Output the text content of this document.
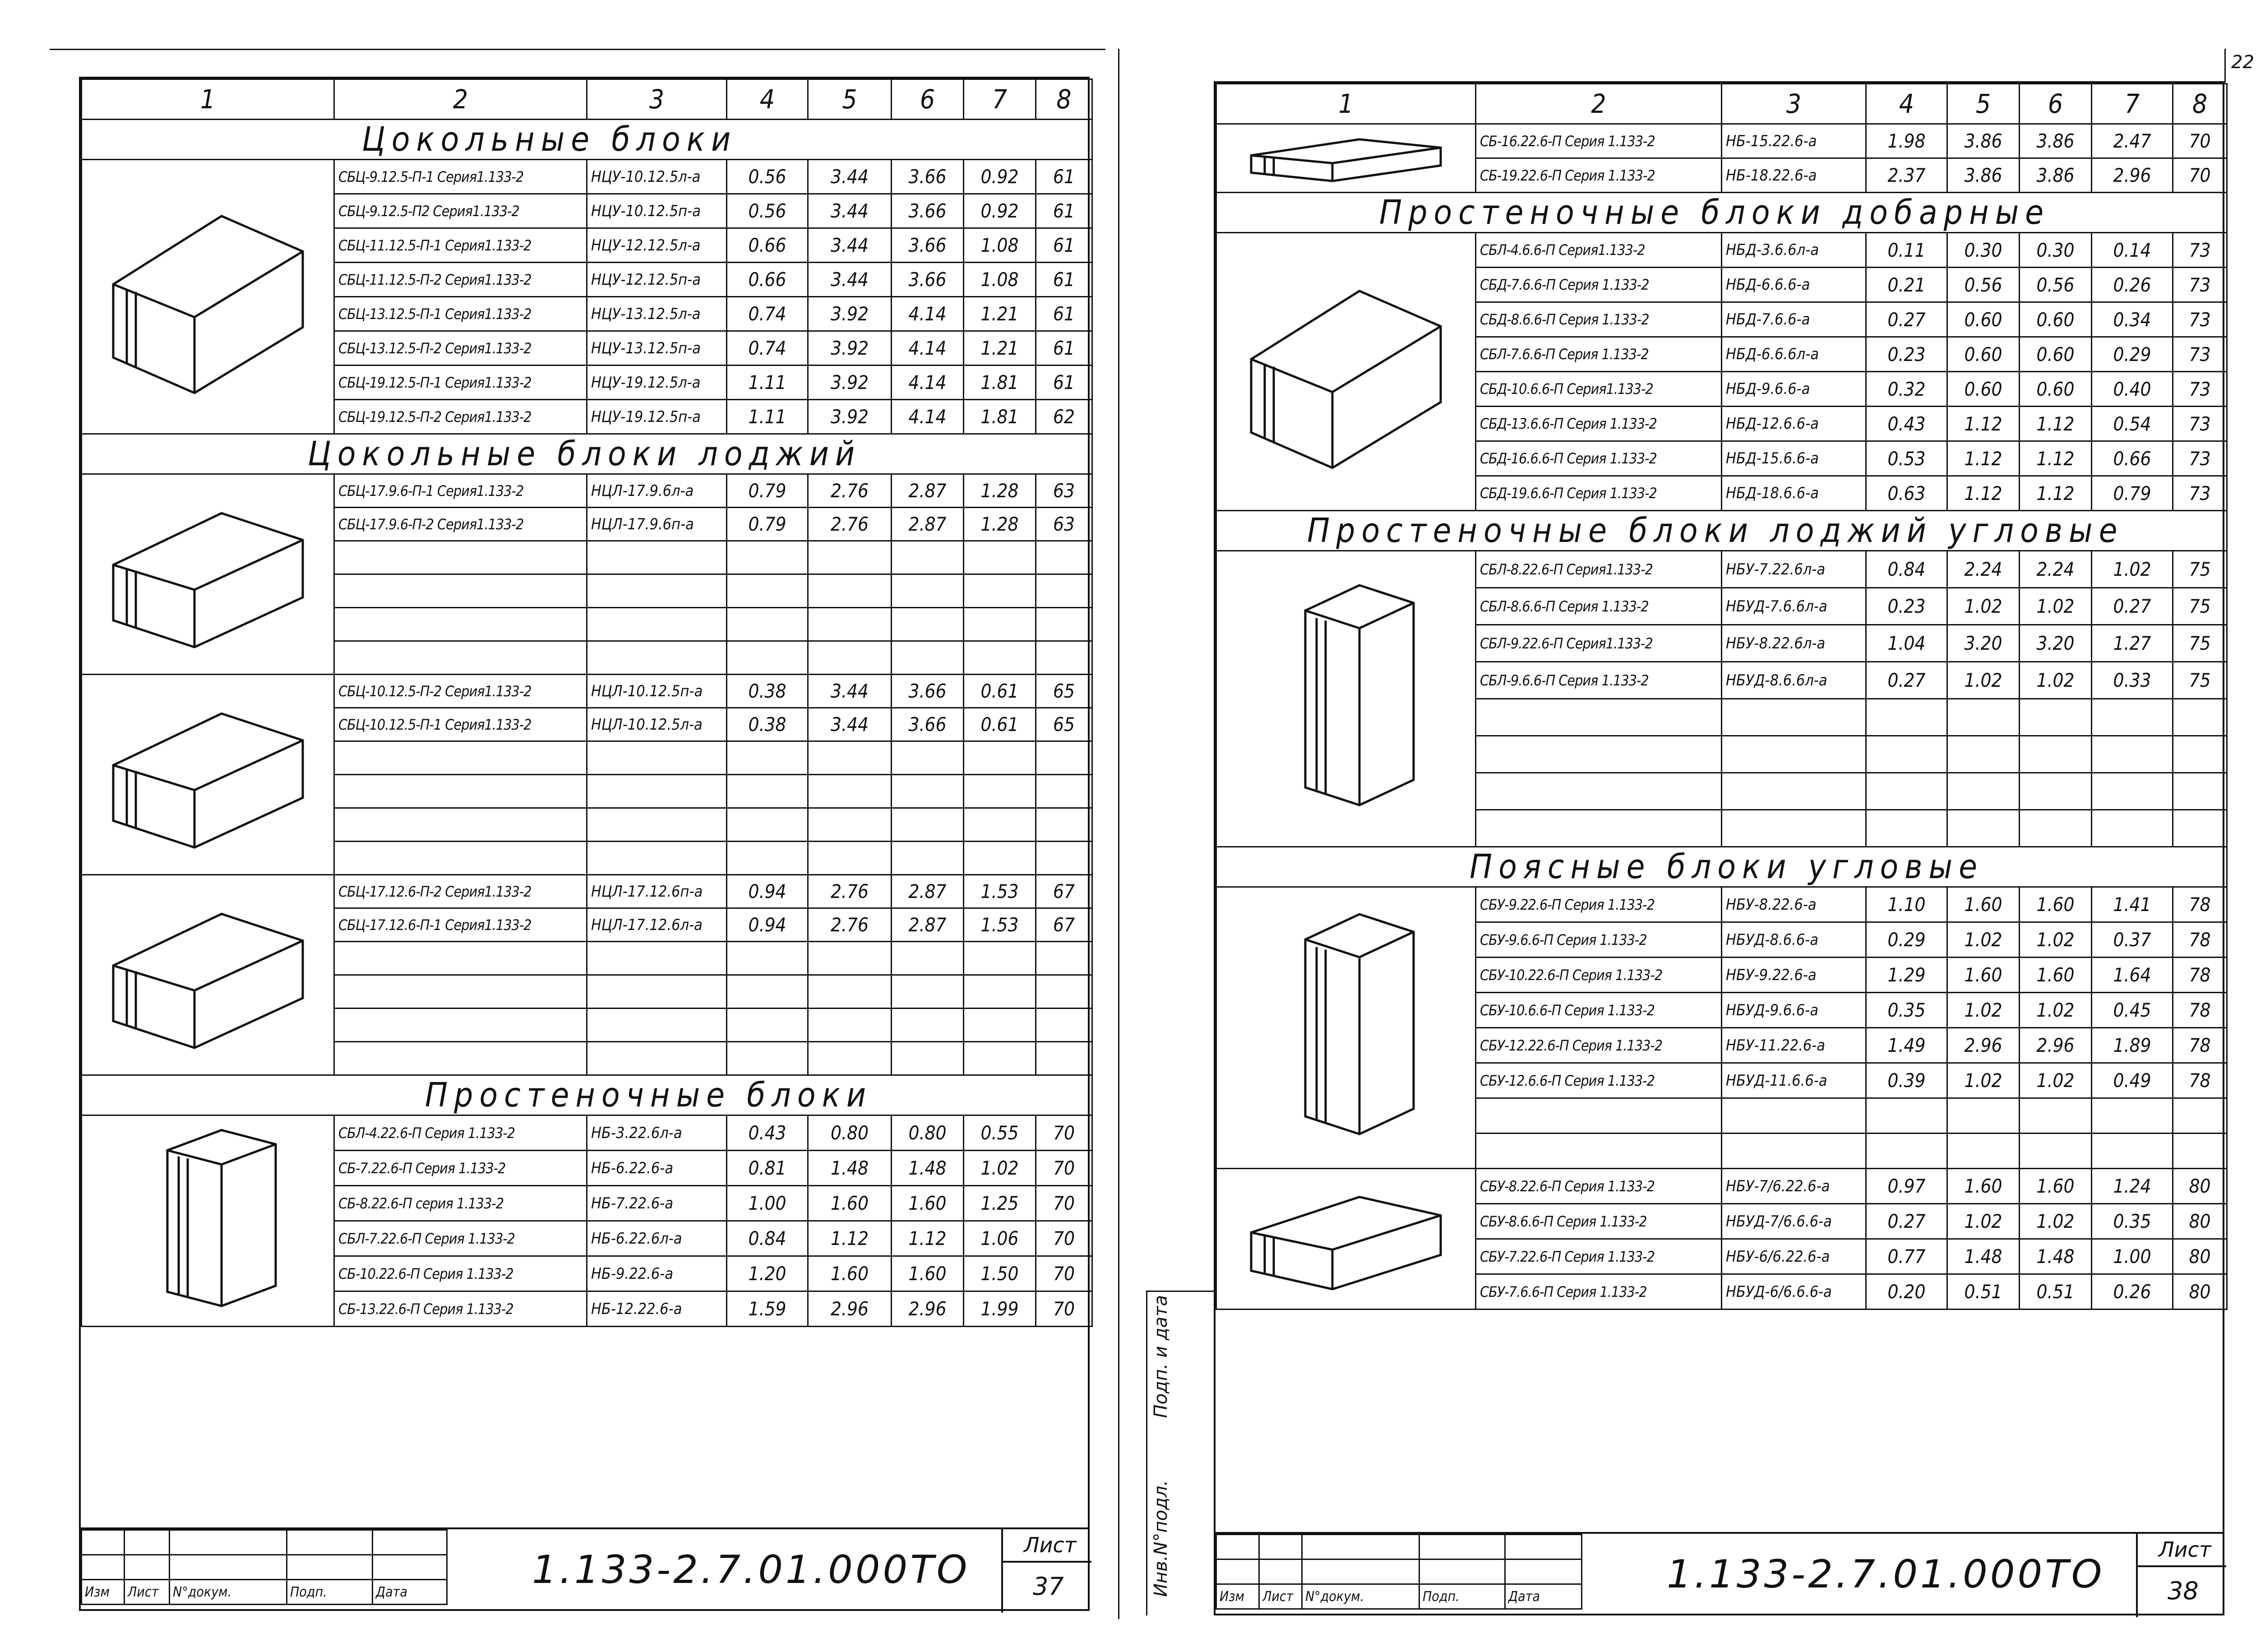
1	2	3	4	5	6	7	8
Цокольные блоки							

	СБЦ-9.12.5-П-1 Серия1.133-2	НЦУ-10.12.5л-а	0.56	3.44	3.66	0.92	61
	СБЦ-9.12.5-П2 Серия1.133-2	НЦУ-10.12.5п-а	0.56	3.44	3.66	0.92	61
	СБЦ-11.12.5-П-1 Серия1.133-2	НЦУ-12.12.5л-а	0.66	3.44	3.66	1.08	61
	СБЦ-11.12.5-П-2 Серия1.133-2	НЦУ-12.12.5п-а	0.66	3.44	3.66	1.08	61
	СБЦ-13.12.5-П-1 Серия1.133-2	НЦУ-13.12.5л-а	0.74	3.92	4.14	1.21	61
	СБЦ-13.12.5-П-2 Серия1.133-2	НЦУ-13.12.5п-а	0.74	3.92	4.14	1.21	61
	СБЦ-19.12.5-П-1 Серия1.133-2	НЦУ-19.12.5л-а	1.11	3.92	4.14	1.81	61
	СБЦ-19.12.5-П-2 Серия1.133-2	НЦУ-19.12.5п-а	1.11	3.92	4.14	1.81	62
Цокольные блоки лоджий							

	СБЦ-17.9.6-П-1 Серия1.133-2	НЦЛ-17.9.6л-а	0.79	2.76	2.87	1.28	63
	СБЦ-17.9.6-П-2 Серия1.133-2	НЦЛ-17.9.6п-а	0.79	2.76	2.87	1.28	63

	СБЦ-10.12.5-П-2 Серия1.133-2	НЦЛ-10.12.5п-а	0.38	3.44	3.66	0.61	65
	СБЦ-10.12.5-П-1 Серия1.133-2	НЦЛ-10.12.5л-а	0.38	3.44	3.66	0.61	65

	СБЦ-17.12.6-П-2 Серия1.133-2	НЦЛ-17.12.6п-а	0.94	2.76	2.87	1.53	67
	СБЦ-17.12.6-П-1 Серия1.133-2	НЦЛ-17.12.6л-а	0.94	2.76	2.87	1.53	67

Простеночные блоки							

	СБЛ-4.22.6-П Серия 1.133-2	НБ-3.22.6л-а	0.43	0.80	0.80	0.55	70
	СБ-7.22.6-П Серия 1.133-2	НБ-6.22.6-а	0.81	1.48	1.48	1.02	70
	СБ-8.22.6-П серия 1.133-2	НБ-7.22.6-а	1.00	1.60	1.60	1.25	70
	СБЛ-7.22.6-П Серия 1.133-2	НБ-6.22.6л-а	0.84	1.12	1.12	1.06	70
	СБ-10.22.6-П Серия 1.133-2	НБ-9.22.6-а	1.20	1.60	1.60	1.50	70
	СБ-13.22.6-П Серия 1.133-2	НБ-12.22.6-а	1.59	2.96	2.96	1.99	70

Изм	Лист	N°докум.	Подп.	Дата	1.133-2.7.01.000ТО
Лист
37
22
1	2	3	4	5	6	7	8

	СБ-16.22.6-П Серия 1.133-2	НБ-15.22.6-а	1.98	3.86	3.86	2.47	70
	СБ-19.22.6-П Серия 1.133-2	НБ-18.22.6-а	2.37	3.86	3.86	2.96	70
Простеночные блоки добарные							

	СБЛ-4.6.6-П Серия1.133-2	НБД-3.6.6л-а	0.11	0.30	0.30	0.14	73
	СБД-7.6.6-П Серия 1.133-2	НБД-6.6.6-а	0.21	0.56	0.56	0.26	73
	СБД-8.6.6-П Серия 1.133-2	НБД-7.6.6-а	0.27	0.60	0.60	0.34	73
	СБЛ-7.6.6-П Серия 1.133-2	НБД-6.6.6л-а	0.23	0.60	0.60	0.29	73
	СБД-10.6.6-П Серия1.133-2	НБД-9.6.6-а	0.32	0.60	0.60	0.40	73
	СБД-13.6.6-П Серия 1.133-2	НБД-12.6.6-а	0.43	1.12	1.12	0.54	73
	СБД-16.6.6-П Серия 1.133-2	НБД-15.6.6-а	0.53	1.12	1.12	0.66	73
	СБД-19.6.6-П Серия 1.133-2	НБД-18.6.6-а	0.63	1.12	1.12	0.79	73
Простеночные блоки лоджий угловые							

	СБЛ-8.22.6-П Серия1.133-2	НБУ-7.22.6л-а	0.84	2.24	2.24	1.02	75
	СБЛ-8.6.6-П Серия 1.133-2	НБУД-7.6.6л-а	0.23	1.02	1.02	0.27	75
	СБЛ-9.22.6-П Серия1.133-2	НБУ-8.22.6л-а	1.04	3.20	3.20	1.27	75
	СБЛ-9.6.6-П Серия 1.133-2	НБУД-8.6.6л-а	0.27	1.02	1.02	0.33	75

Поясные блоки угловые							

	СБУ-9.22.6-П Серия 1.133-2	НБУ-8.22.6-а	1.10	1.60	1.60	1.41	78
	СБУ-9.6.6-П Серия 1.133-2	НБУД-8.6.6-а	0.29	1.02	1.02	0.37	78
	СБУ-10.22.6-П Серия 1.133-2	НБУ-9.22.6-а	1.29	1.60	1.60	1.64	78
	СБУ-10.6.6-П Серия 1.133-2	НБУД-9.6.6-а	0.35	1.02	1.02	0.45	78
	СБУ-12.22.6-П Серия 1.133-2	НБУ-11.22.6-а	1.49	2.96	2.96	1.89	78
	СБУ-12.6.6-П Серия 1.133-2	НБУД-11.6.6-а	0.39	1.02	1.02	0.49	78

	СБУ-8.22.6-П Серия 1.133-2	НБУ-7/6.22.6-а	0.97	1.60	1.60	1.24	80
	СБУ-8.6.6-П Серия 1.133-2	НБУД-7/6.6.6-а	0.27	1.02	1.02	0.35	80
	СБУ-7.22.6-П Серия 1.133-2	НБУ-6/6.22.6-а	0.77	1.48	1.48	1.00	80
	СБУ-7.6.6-П Серия 1.133-2	НБУД-6/6.6.6-а	0.20	0.51	0.51	0.26	80
Инв.N°подл.
Подп. и дата

Изм	Лист	N°докум.	Подп.	Дата	1.133-2.7.01.000ТО
Лист
38
